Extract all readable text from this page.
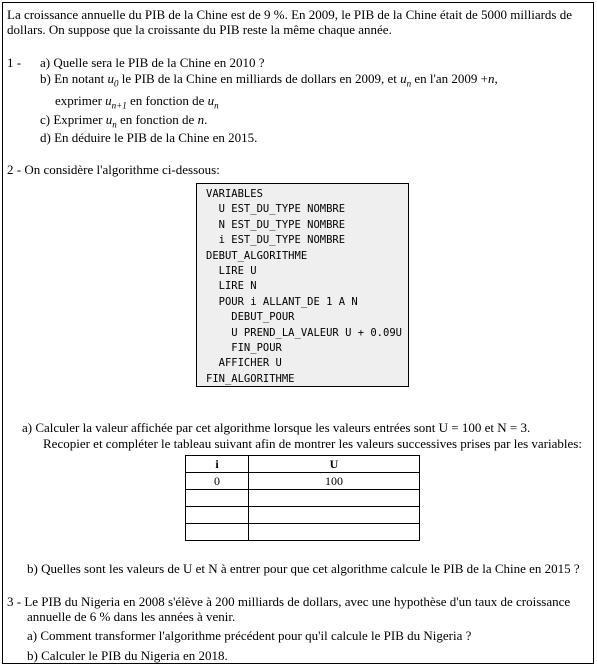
La croissance annuelle du PIB de la Chine est de 9 %. En 2009, le PIB de la Chine était de 5000 milliards de
dollars. On suppose que la croissante du PIB reste la même chaque année.
1 - a) Quelle sera le PIB de la Chine en 2010 ?
b) En notant $u_0$ le PIB de la Chine en milliards de dollars en 2009, et $u_n$ en l'an 2009 +n,
exprimer $u_{n+1}$ en fonction de $u_n$
c) Exprimer $u_n$ en fonction de n.
d) En déduire le PIB de la Chine en 2015.
2 - On considère l'algorithme ci-dessous:
VARIABLES
U EST_DU_TYPE NOMBRE
N EST_DU_TYPE NOMBRE
i EST_DU_TYPE NOMBRE
DEBUT_ALGORITHME
LIRE U
LIRE N
POUR i ALLANT_DE 1 A N
DEBUT_POUR
U PREND_LA_VALEUR U + 0.09U
FIN_POUR
AFFICHER U
FIN_ALGORITHME
a) Calculer la valeur affichée par cet algorithme lorsque les valeurs entrées sont U = 100 et N = 3.
Recopier et compléter le tableau suivant afin de montrer les valeurs successives prises par les variables:
i	U
0	100

b) Quelles sont les valeurs de U et N à entrer pour que cet algorithme calcule le PIB de la Chine en 2015 ?
3 - Le PIB du Nigeria en 2008 s'élève à 200 milliards de dollars, avec une hypothèse d'un taux de croissance
annuelle de 6 % dans les années à venir.
a) Comment transformer l'algorithme précédent pour qu'il calcule le PIB du Nigeria ?
b) Calculer le PIB du Nigeria en 2018.
